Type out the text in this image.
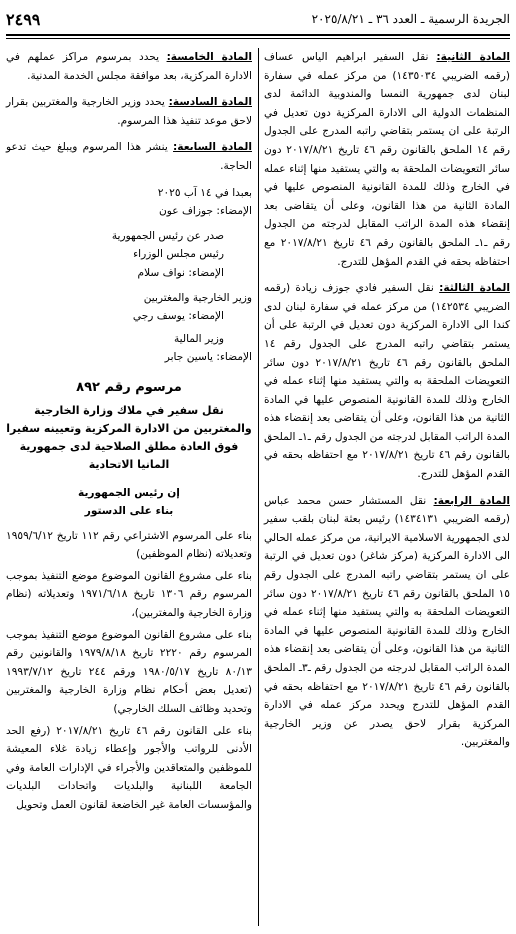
الجريدة الرسمية ـ العدد ٣٦ ـ ٢٠٢٥/٨/٢١
٢٤٩٩

المادة الثانية: نقل السفير ابراهيم الياس عساف (رقمه الضريبي ١٤٣٥٠٣٤) من مركز عمله في سفارة لبنان لدى جمهورية النمسا والمندوبية الدائمة لدى المنظمات الدولية الى الادارة المركزية دون تعديل في الرتبة على ان يستمر بتقاضي راتبه المدرج على الجدول رقم ١٤ الملحق بالقانون رقم ٤٦ تاريخ ٢٠١٧/٨/٢١ دون سائر التعويضات الملحقة به والتي يستفيد منها إثناء عمله في الخارج وذلك للمدة القانونية المنصوص عليها في المادة الثانية من هذا القانون، وعلى أن يتقاضى بعد إنقضاء هذه المدة الراتب المقابل لدرجته من الجدول رقم ـ١ـ الملحق بالقانون رقم ٤٦ تاريخ ٢٠١٧/٨/٢١ مع احتفاظه بحقه في القدم المؤهل للتدرج.

المادة الثالثة: نقل السفير فادي جوزف زيادة (رقمه الضريبي ١٤٢٥٣٤) من مركز عمله في سفارة لبنان لدى كندا الى الادارة المركزية دون تعديل في الرتبة على أن يستمر بتقاضي راتبه المدرج على الجدول رقم ١٤ الملحق بالقانون رقم ٤٦ تاريخ ٢٠١٧/٨/٢١ دون سائر التعويضات الملحقة به والتي يستفيد منها إثناء عمله في الخارج وذلك للمدة القانونية المنصوص عليها في المادة الثانية من هذا القانون، وعلى أن يتقاضى بعد إنقضاء هذه المدة الراتب المقابل لدرجته من الجدول رقم ـ١ـ الملحق بالقانون رقم ٤٦ تاريخ ٢٠١٧/٨/٢١ مع احتفاظه بحقه في القدم المؤهل للتدرج.

المادة الرابعة: نقل المستشار حسن محمد عباس (رقمه الضريبي ١٤٣٤١٣١) رئيس بعثة لبنان بلقب سفير لدى الجمهورية الاسلامية الايرانية، من مركز عمله الحالي الى الادارة المركزية (مركز شاغر) دون تعديل في الرتبة على ان يستمر بتقاضي راتبه المدرج على الجدول رقم ١٥ الملحق بالقانون رقم ٤٦ تاريخ ٢٠١٧/٨/٢١ دون سائر التعويضات الملحقة به والتي يستفيد منها إثناء عمله في الخارج وذلك للمدة القانونية المنصوص عليها في المادة الثانية من هذا القانون، وعلى أن يتقاضى بعد إنقضاء هذه المدة الراتب المقابل لدرجته من الجدول رقم ـ٣ـ الملحق بالقانون رقم ٤٦ تاريخ ٢٠١٧/٨/٢١ مع احتفاظه بحقه في القدم المؤهل للتدرج ويحدد مركز عمله في الادارة المركزية بقرار لاحق يصدر عن وزير الخارجية والمغتربين.

المادة الخامسة: يحدد بمرسوم مراكز عملهم في الادارة المركزية، بعد موافقة مجلس الخدمة المدنية.

المادة السادسة: يحدد وزير الخارجية والمغتربين بقرار لاحق موعد تنفيذ هذا المرسوم.

المادة السابعة: ينشر هذا المرسوم ويبلغ حيث تدعو الحاجة.

بعبدا في ١٤ آب ٢٠٢٥
الإمضاء: جوزاف عون
صدر عن رئيس الجمهورية
رئيس مجلس الوزراء
الإمضاء: نواف سلام
وزير الخارجية والمغتربين
الإمضاء: يوسف رجي
وزير المالية
الإمضاء: ياسين جابر
مرسوم رقم ٨٩٢
نقل سفير في ملاك وزارة الخارجية والمغتربين من الادارة المركزية وتعيينه سفيرا فوق العادة مطلق الصلاحية لدى جمهورية المانيا الاتحادية
إن رئيس الجمهورية
بناء على الدستور

بناء على المرسوم الاشتراعي رقم ١١٢ تاريخ ١٩٥٩/٦/١٢ وتعديلاته (نظام الموظفين)

بناء على مشروع القانون الموضوع موضع التنفيذ بموجب المرسوم رقم ١٣٠٦ تاريخ ١٩٧١/٦/١٨ وتعديلاته (نظام وزارة الخارجية والمغتربين)،

بناء على مشروع القانون الموضوع موضع التنفيذ بموجب المرسوم رقم ٢٢٢٠ تاريخ ١٩٧٩/٨/١٨ والقانونين رقم ٨٠/١٣ تاريخ ١٩٨٠/٥/١٧ ورقم ٢٤٤ تاريخ ١٩٩٣/٧/١٢ (تعديل بعض أحكام نظام وزارة الخارجية والمغتربين وتحديد وظائف السلك الخارجي)

بناء على القانون رقم ٤٦ تاريخ ٢٠١٧/٨/٢١ (رفع الحد الأدنى للرواتب والأجور وإعطاء زيادة غلاء المعيشة للموظفين والمتعاقدين والأجراء في الإدارات العامة وفي الجامعة اللبنانية والبلديات واتحادات البلديات والمؤسسات العامة غير الخاضعة لقانون العمل وتحويل
